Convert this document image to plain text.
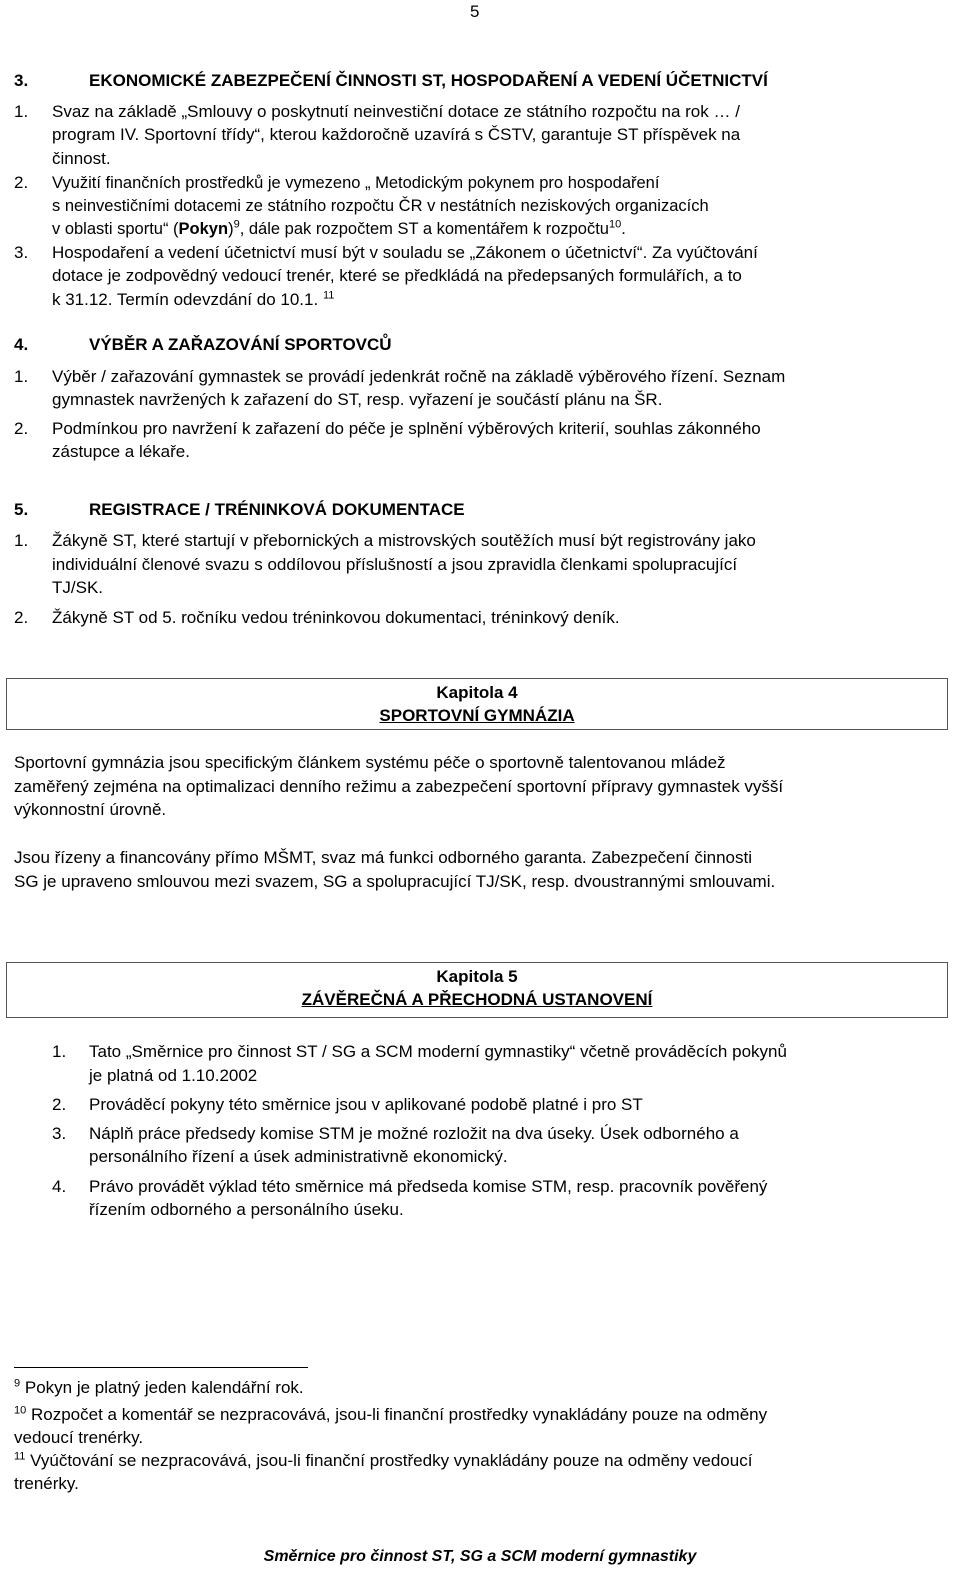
5
3.	EKONOMICKÉ ZABEZPEČENÍ ČINNOSTI ST, HOSPODAŘENÍ A VEDENÍ ÚČETNICTVÍ
1. Svaz na základě „Smlouvy o poskytnutí neinvestiční dotace ze státního rozpočtu na rok … /
program IV. Sportovní třídy“, kterou každoročně uzavírá s ČSTV, garantuje ST příspěvek na
činnost.
2. Využití finančních prostředků je vymezeno „ Metodickým pokynem pro hospodaření
s neinvestičními dotacemi ze státního rozpočtu ČR v nestátních neziskových organizacích
v oblasti sportu“ (Pokyn)$^9$, dále pak rozpočtem ST a komentářem k rozpočtu$^{10}$.
3. Hospodaření a vedení účetnictví musí být v souladu se „Zákonem o účetnictví“. Za vyúčtování
dotace je zodpovědný vedoucí trenér, které se předkládá na předepsaných formulářích, a to
k 31.12. Termín odevzdání do 10.1. $^{11}$
4.	VÝBĚR A ZAŘAZOVÁNÍ SPORTOVCŮ
1. Výběr / zařazování gymnastek se provádí jedenkrát ročně na základě výběrového řízení. Seznam
gymnastek navržených k zařazení do ST, resp. vyřazení je součástí plánu na ŠR.
2. Podmínkou pro navržení k zařazení do péče je splnění výběrových kriterií, souhlas zákonného
zástupce a lékaře.
5.	REGISTRACE / TRÉNINKOVÁ DOKUMENTACE
1. Žákyně ST, které startují v přebornických a mistrovských soutěžích musí být registrovány jako
individuální členové svazu s oddílovou příslušností a jsou zpravidla členkami spolupracující
TJ/SK.
2. Žákyně ST od 5. ročníku vedou tréninkovou dokumentaci, tréninkový deník.
Kapitola 4
SPORTOVNÍ GYMNÁZIA
Sportovní gymnázia jsou specifickým článkem systému péče o sportovně talentovanou mládež
zaměřený zejména na optimalizaci denního režimu a zabezpečení sportovní přípravy gymnastek vyšší
výkonnostní úrovně.
Jsou řízeny a financovány přímo MŠMT, svaz má funkci odborného garanta. Zabezpečení činnosti
SG je upraveno smlouvou mezi svazem, SG a spolupracující TJ/SK, resp. dvoustrannými smlouvami.
Kapitola 5
ZÁVĚREČNÁ A PŘECHODNÁ USTANOVENÍ
1. Tato „Směrnice pro činnost ST / SG a SCM moderní gymnastiky“ včetně prováděcích pokynů
je platná od 1.10.2002
2. Prováděcí pokyny této směrnice jsou v aplikované podobě platné i pro ST
3. Náplň práce předsedy komise STM je možné rozložit na dva úseky. Úsek odborného a
personálního řízení a úsek administrativně ekonomický.
4. Právo provádět výklad této směrnice má předseda komise STM, resp. pracovník pověřený
řízením odborného a personálního úseku.
$^9$ Pokyn je platný jeden kalendářní rok.
$^{10}$ Rozpočet a komentář se nezpracovává, jsou-li finanční prostředky vynakládány pouze na odměny
vedoucí trenérky.
$^{11}$ Vyúčtování se nezpracovává, jsou-li finanční prostředky vynakládány pouze na odměny vedoucí
trenérky.
Směrnice pro činnost ST, SG a SCM moderní gymnastiky
